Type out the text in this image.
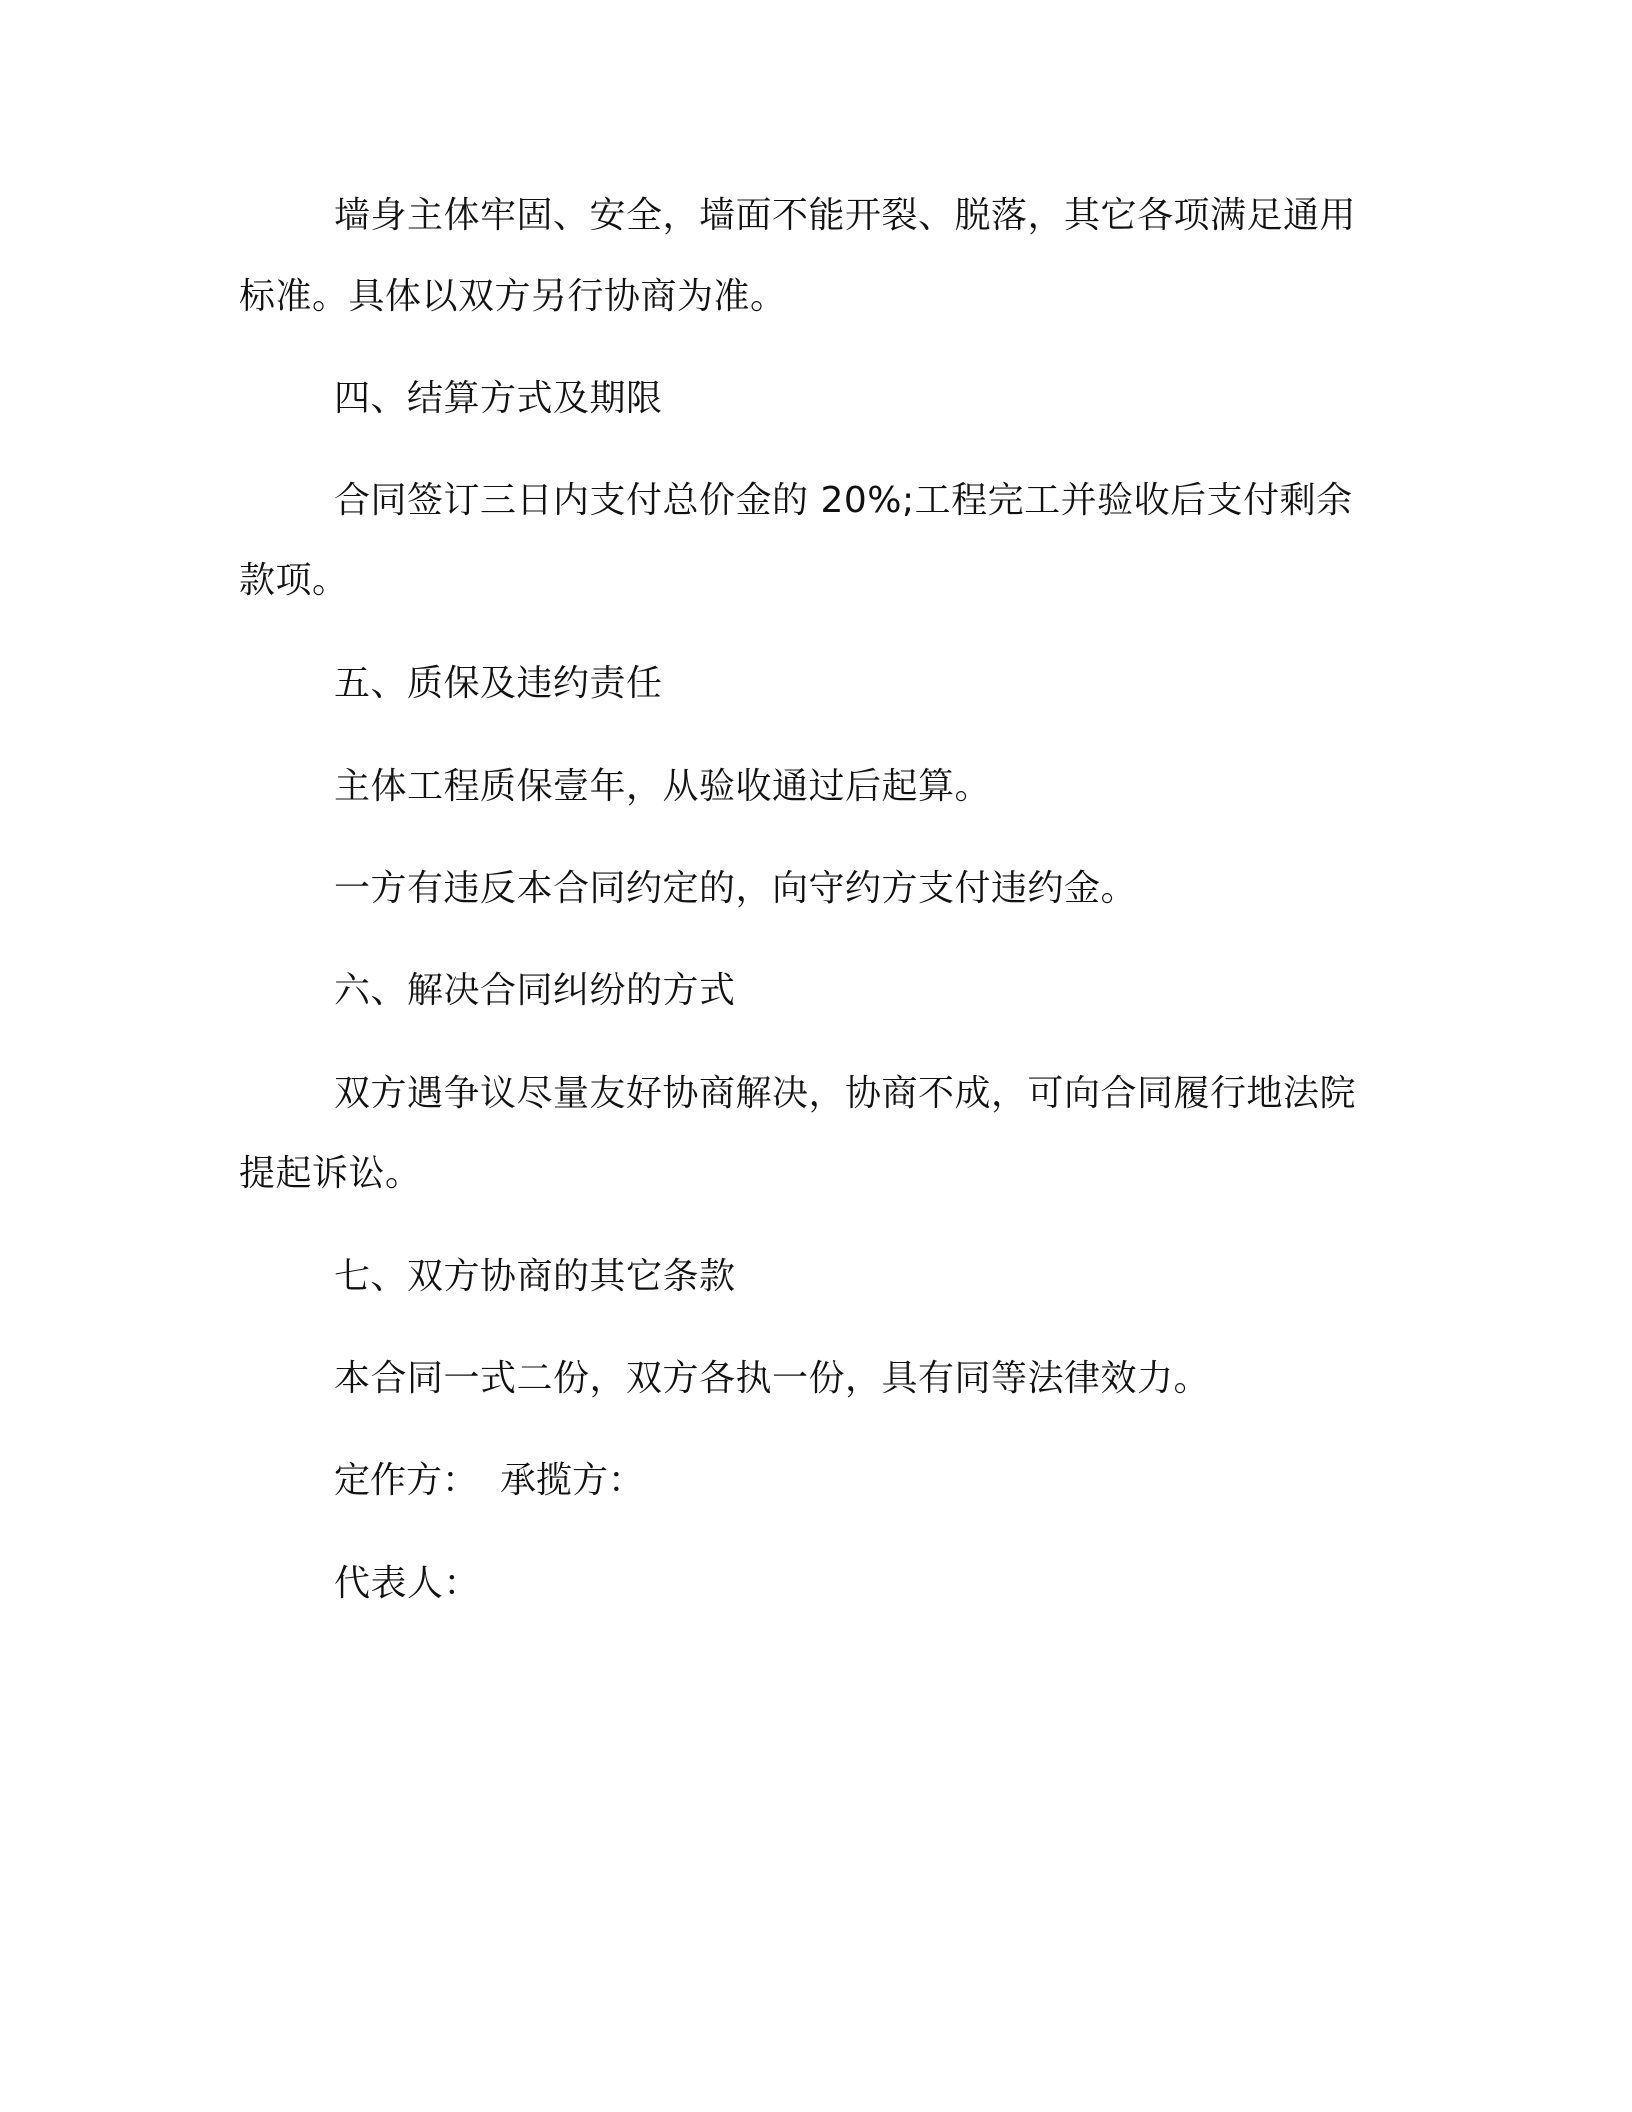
墙身主体牢固、安全，墙面不能开裂、脱落，其它各项满足通用

标准。具体以双方另行协商为准。

四、结算方式及期限

合同签订三日内支付总价金的 20%;工程完工并验收后支付剩余

款项。

五、质保及违约责任

主体工程质保壹年，从验收通过后起算。

一方有违反本合同约定的，向守约方支付违约金。

六、解决合同纠纷的方式

双方遇争议尽量友好协商解决，协商不成，可向合同履行地法院

提起诉讼。

七、双方协商的其它条款

本合同一式二份，双方各执一份，具有同等法律效力。

定作方： 承揽方：

代表人：
